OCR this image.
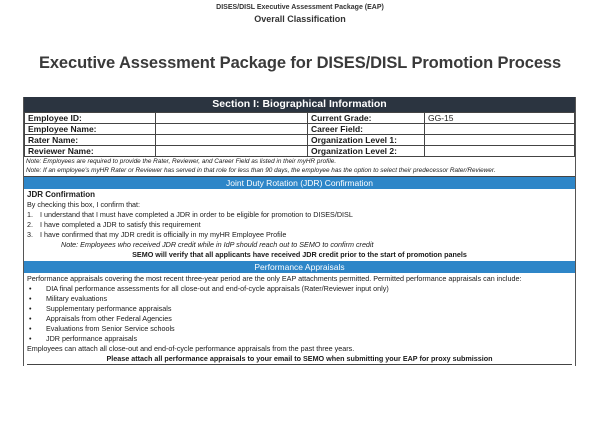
DISES/DISL Executive Assessment Package (EAP)
Overall Classification
Executive Assessment Package for DISES/DISL Promotion Process
Section I: Biographical Information
Employee ID:		Current Grade:	GG-15
Employee Name:		Career Field:	
Rater Name:		Organization Level 1:	
Reviewer Name:		Organization Level 2:	
Note: Employees are required to provide the Rater, Reviewer, and Career Field as listed in their myHR profile.
Note: If an employee's myHR Rater or Reviewer has served in that role for less than 90 days, the employee has the option to select their predecessor Rater/Reviewer.
Joint Duty Rotation (JDR) Confirmation
JDR Confirmation
By checking this box, I confirm that:
1. I understand that I must have completed a JDR in order to be eligible for promotion to DISES/DISL
2. I have completed a JDR to satisfy this requirement
3. I have confirmed that my JDR credit is officially in my myHR Employee Profile
Note: Employees who received JDR credit while in IdP should reach out to SEMO to confirm credit
SEMO will verify that all applicants have received JDR credit prior to the start of promotion panels
Performance Appraisals
Performance appraisals covering the most recent three-year period are the only EAP attachments permitted. Permitted performance appraisals can include:
•	DIA final performance assessments for all close-out and end-of-cycle appraisals (Rater/Reviewer input only)
•	Military evaluations
•	Supplementary performance appraisals
•	Appraisals from other Federal Agencies
•	Evaluations from Senior Service schools
•	JDR performance appraisals
Employees can attach all close-out and end-of-cycle performance appraisals from the past three years.
Please attach all performance appraisals to your email to SEMO when submitting your EAP for proxy submission
